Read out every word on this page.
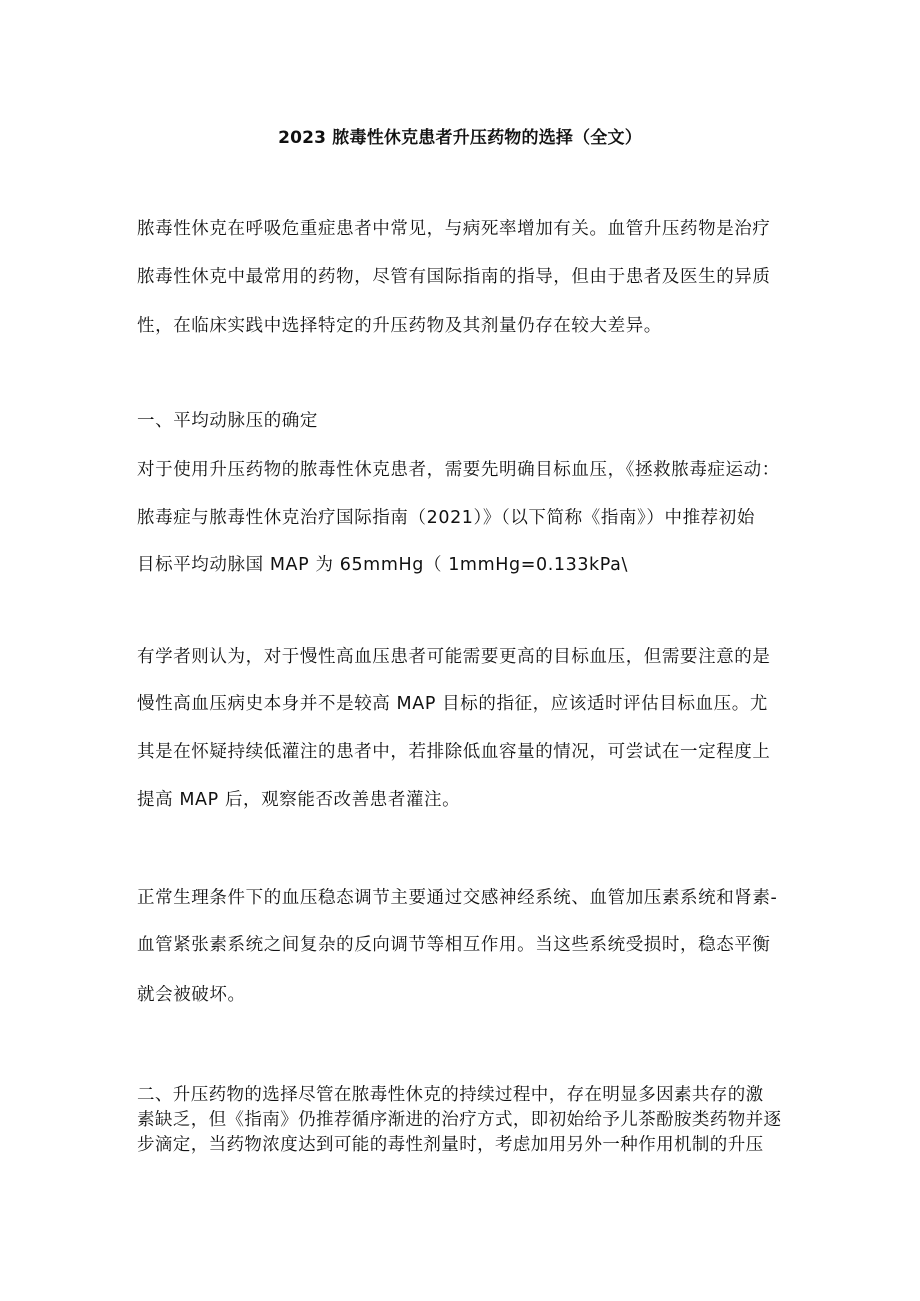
2023 脓毒性休克患者升压药物的选择（全文）
脓毒性休克在呼吸危重症患者中常见，与病死率增加有关。血管升压药物是治疗
脓毒性休克中最常用的药物，尽管有国际指南的指导，但由于患者及医生的异质
性，在临床实践中选择特定的升压药物及其剂量仍存在较大差异。
一、平均动脉压的确定
对于使用升压药物的脓毒性休克患者，需要先明确目标血压，《拯救脓毒症运动：
脓毒症与脓毒性休克治疗国际指南（2021）》（以下简称《指南》）中推荐初始
目标平均动脉国 MAP 为 65mmHg（ 1mmHg=0.133kPa\
有学者则认为，对于慢性高血压患者可能需要更高的目标血压，但需要注意的是
慢性高血压病史本身并不是较高 MAP 目标的指征，应该适时评估目标血压。尤
其是在怀疑持续低灌注的患者中，若排除低血容量的情况，可尝试在一定程度上
提高 MAP 后，观察能否改善患者灌注。
正常生理条件下的血压稳态调节主要通过交感神经系统、血管加压素系统和肾素-
血管紧张素系统之间复杂的反向调节等相互作用。当这些系统受损时，稳态平衡
就会被破坏。
二、升压药物的选择尽管在脓毒性休克的持续过程中，存在明显多因素共存的激
素缺乏，但《指南》仍推荐循序渐进的治疗方式，即初始给予儿茶酚胺类药物并逐
步滴定，当药物浓度达到可能的毒性剂量时，考虑加用另外一种作用机制的升压
